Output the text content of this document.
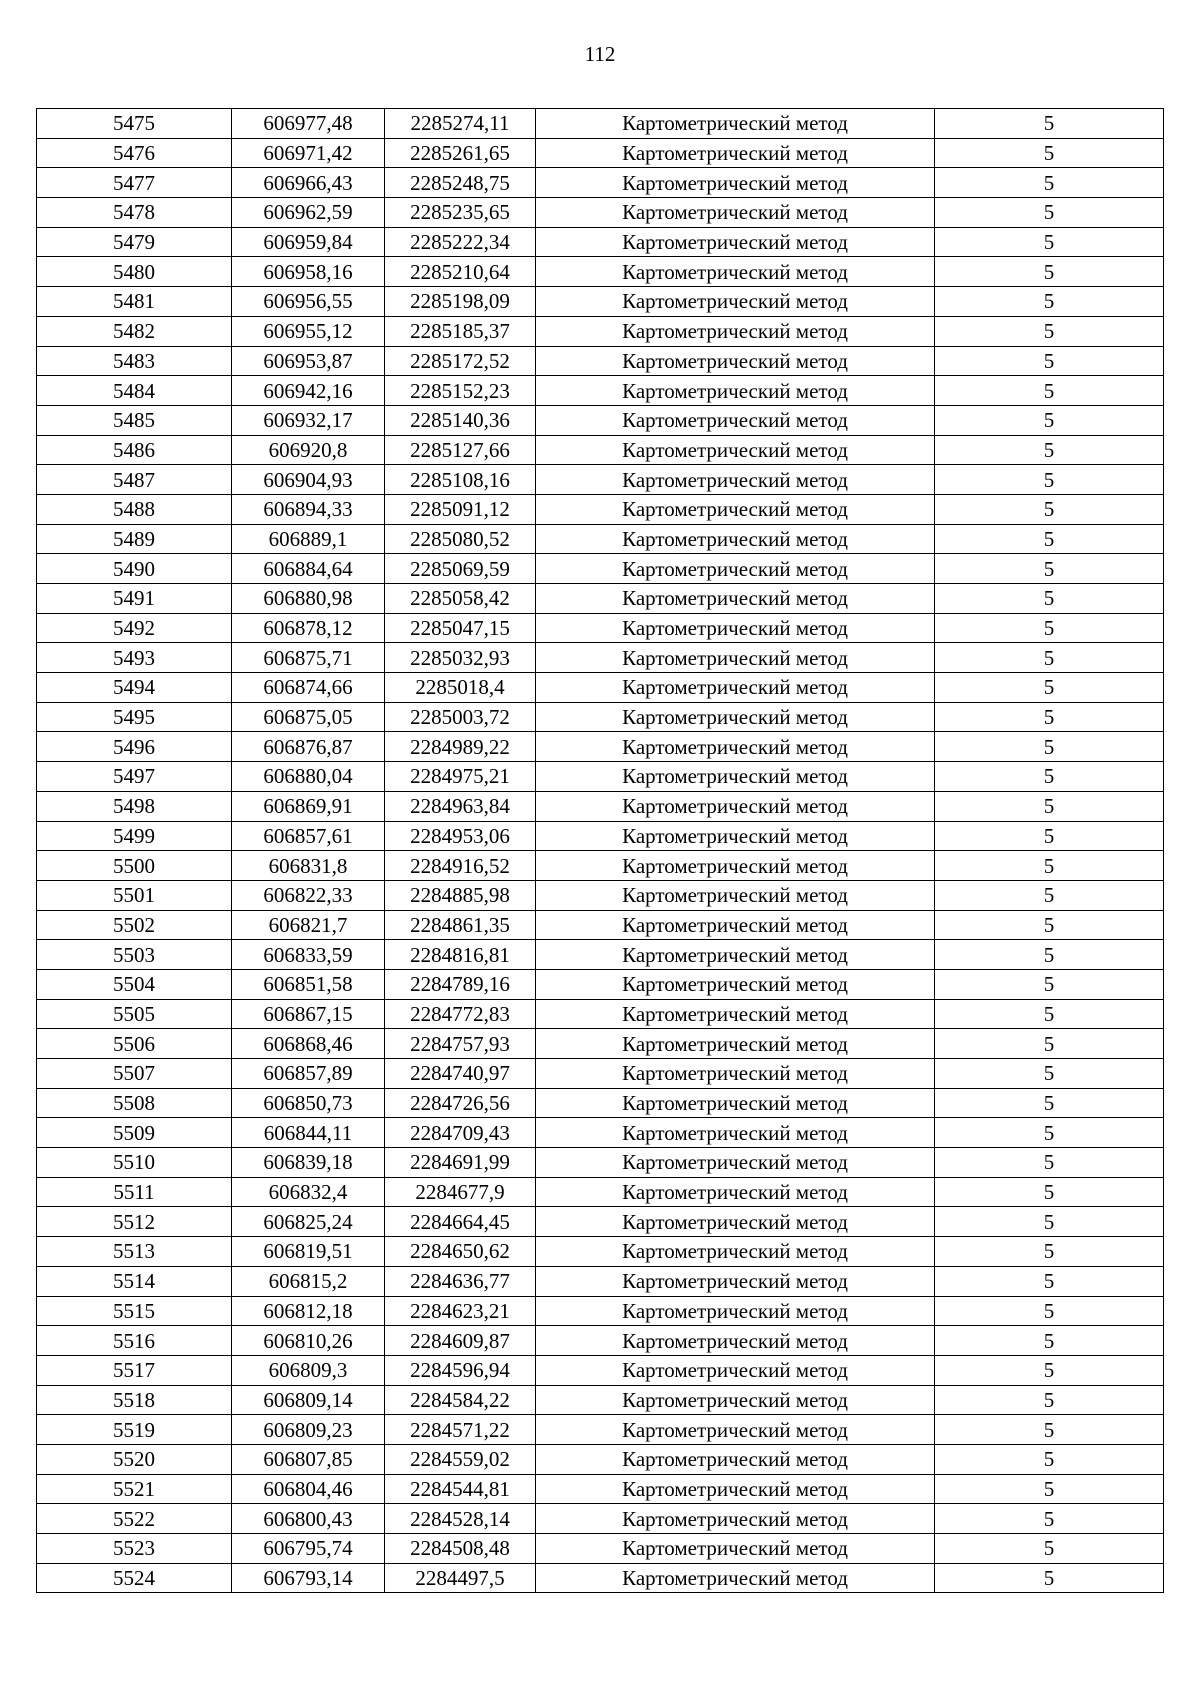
112
5475	606977,48	2285274,11	Картометрический метод	5
5476	606971,42	2285261,65	Картометрический метод	5
5477	606966,43	2285248,75	Картометрический метод	5
5478	606962,59	2285235,65	Картометрический метод	5
5479	606959,84	2285222,34	Картометрический метод	5
5480	606958,16	2285210,64	Картометрический метод	5
5481	606956,55	2285198,09	Картометрический метод	5
5482	606955,12	2285185,37	Картометрический метод	5
5483	606953,87	2285172,52	Картометрический метод	5
5484	606942,16	2285152,23	Картометрический метод	5
5485	606932,17	2285140,36	Картометрический метод	5
5486	606920,8	2285127,66	Картометрический метод	5
5487	606904,93	2285108,16	Картометрический метод	5
5488	606894,33	2285091,12	Картометрический метод	5
5489	606889,1	2285080,52	Картометрический метод	5
5490	606884,64	2285069,59	Картометрический метод	5
5491	606880,98	2285058,42	Картометрический метод	5
5492	606878,12	2285047,15	Картометрический метод	5
5493	606875,71	2285032,93	Картометрический метод	5
5494	606874,66	2285018,4	Картометрический метод	5
5495	606875,05	2285003,72	Картометрический метод	5
5496	606876,87	2284989,22	Картометрический метод	5
5497	606880,04	2284975,21	Картометрический метод	5
5498	606869,91	2284963,84	Картометрический метод	5
5499	606857,61	2284953,06	Картометрический метод	5
5500	606831,8	2284916,52	Картометрический метод	5
5501	606822,33	2284885,98	Картометрический метод	5
5502	606821,7	2284861,35	Картометрический метод	5
5503	606833,59	2284816,81	Картометрический метод	5
5504	606851,58	2284789,16	Картометрический метод	5
5505	606867,15	2284772,83	Картометрический метод	5
5506	606868,46	2284757,93	Картометрический метод	5
5507	606857,89	2284740,97	Картометрический метод	5
5508	606850,73	2284726,56	Картометрический метод	5
5509	606844,11	2284709,43	Картометрический метод	5
5510	606839,18	2284691,99	Картометрический метод	5
5511	606832,4	2284677,9	Картометрический метод	5
5512	606825,24	2284664,45	Картометрический метод	5
5513	606819,51	2284650,62	Картометрический метод	5
5514	606815,2	2284636,77	Картометрический метод	5
5515	606812,18	2284623,21	Картометрический метод	5
5516	606810,26	2284609,87	Картометрический метод	5
5517	606809,3	2284596,94	Картометрический метод	5
5518	606809,14	2284584,22	Картометрический метод	5
5519	606809,23	2284571,22	Картометрический метод	5
5520	606807,85	2284559,02	Картометрический метод	5
5521	606804,46	2284544,81	Картометрический метод	5
5522	606800,43	2284528,14	Картометрический метод	5
5523	606795,74	2284508,48	Картометрический метод	5
5524	606793,14	2284497,5	Картометрический метод	5
